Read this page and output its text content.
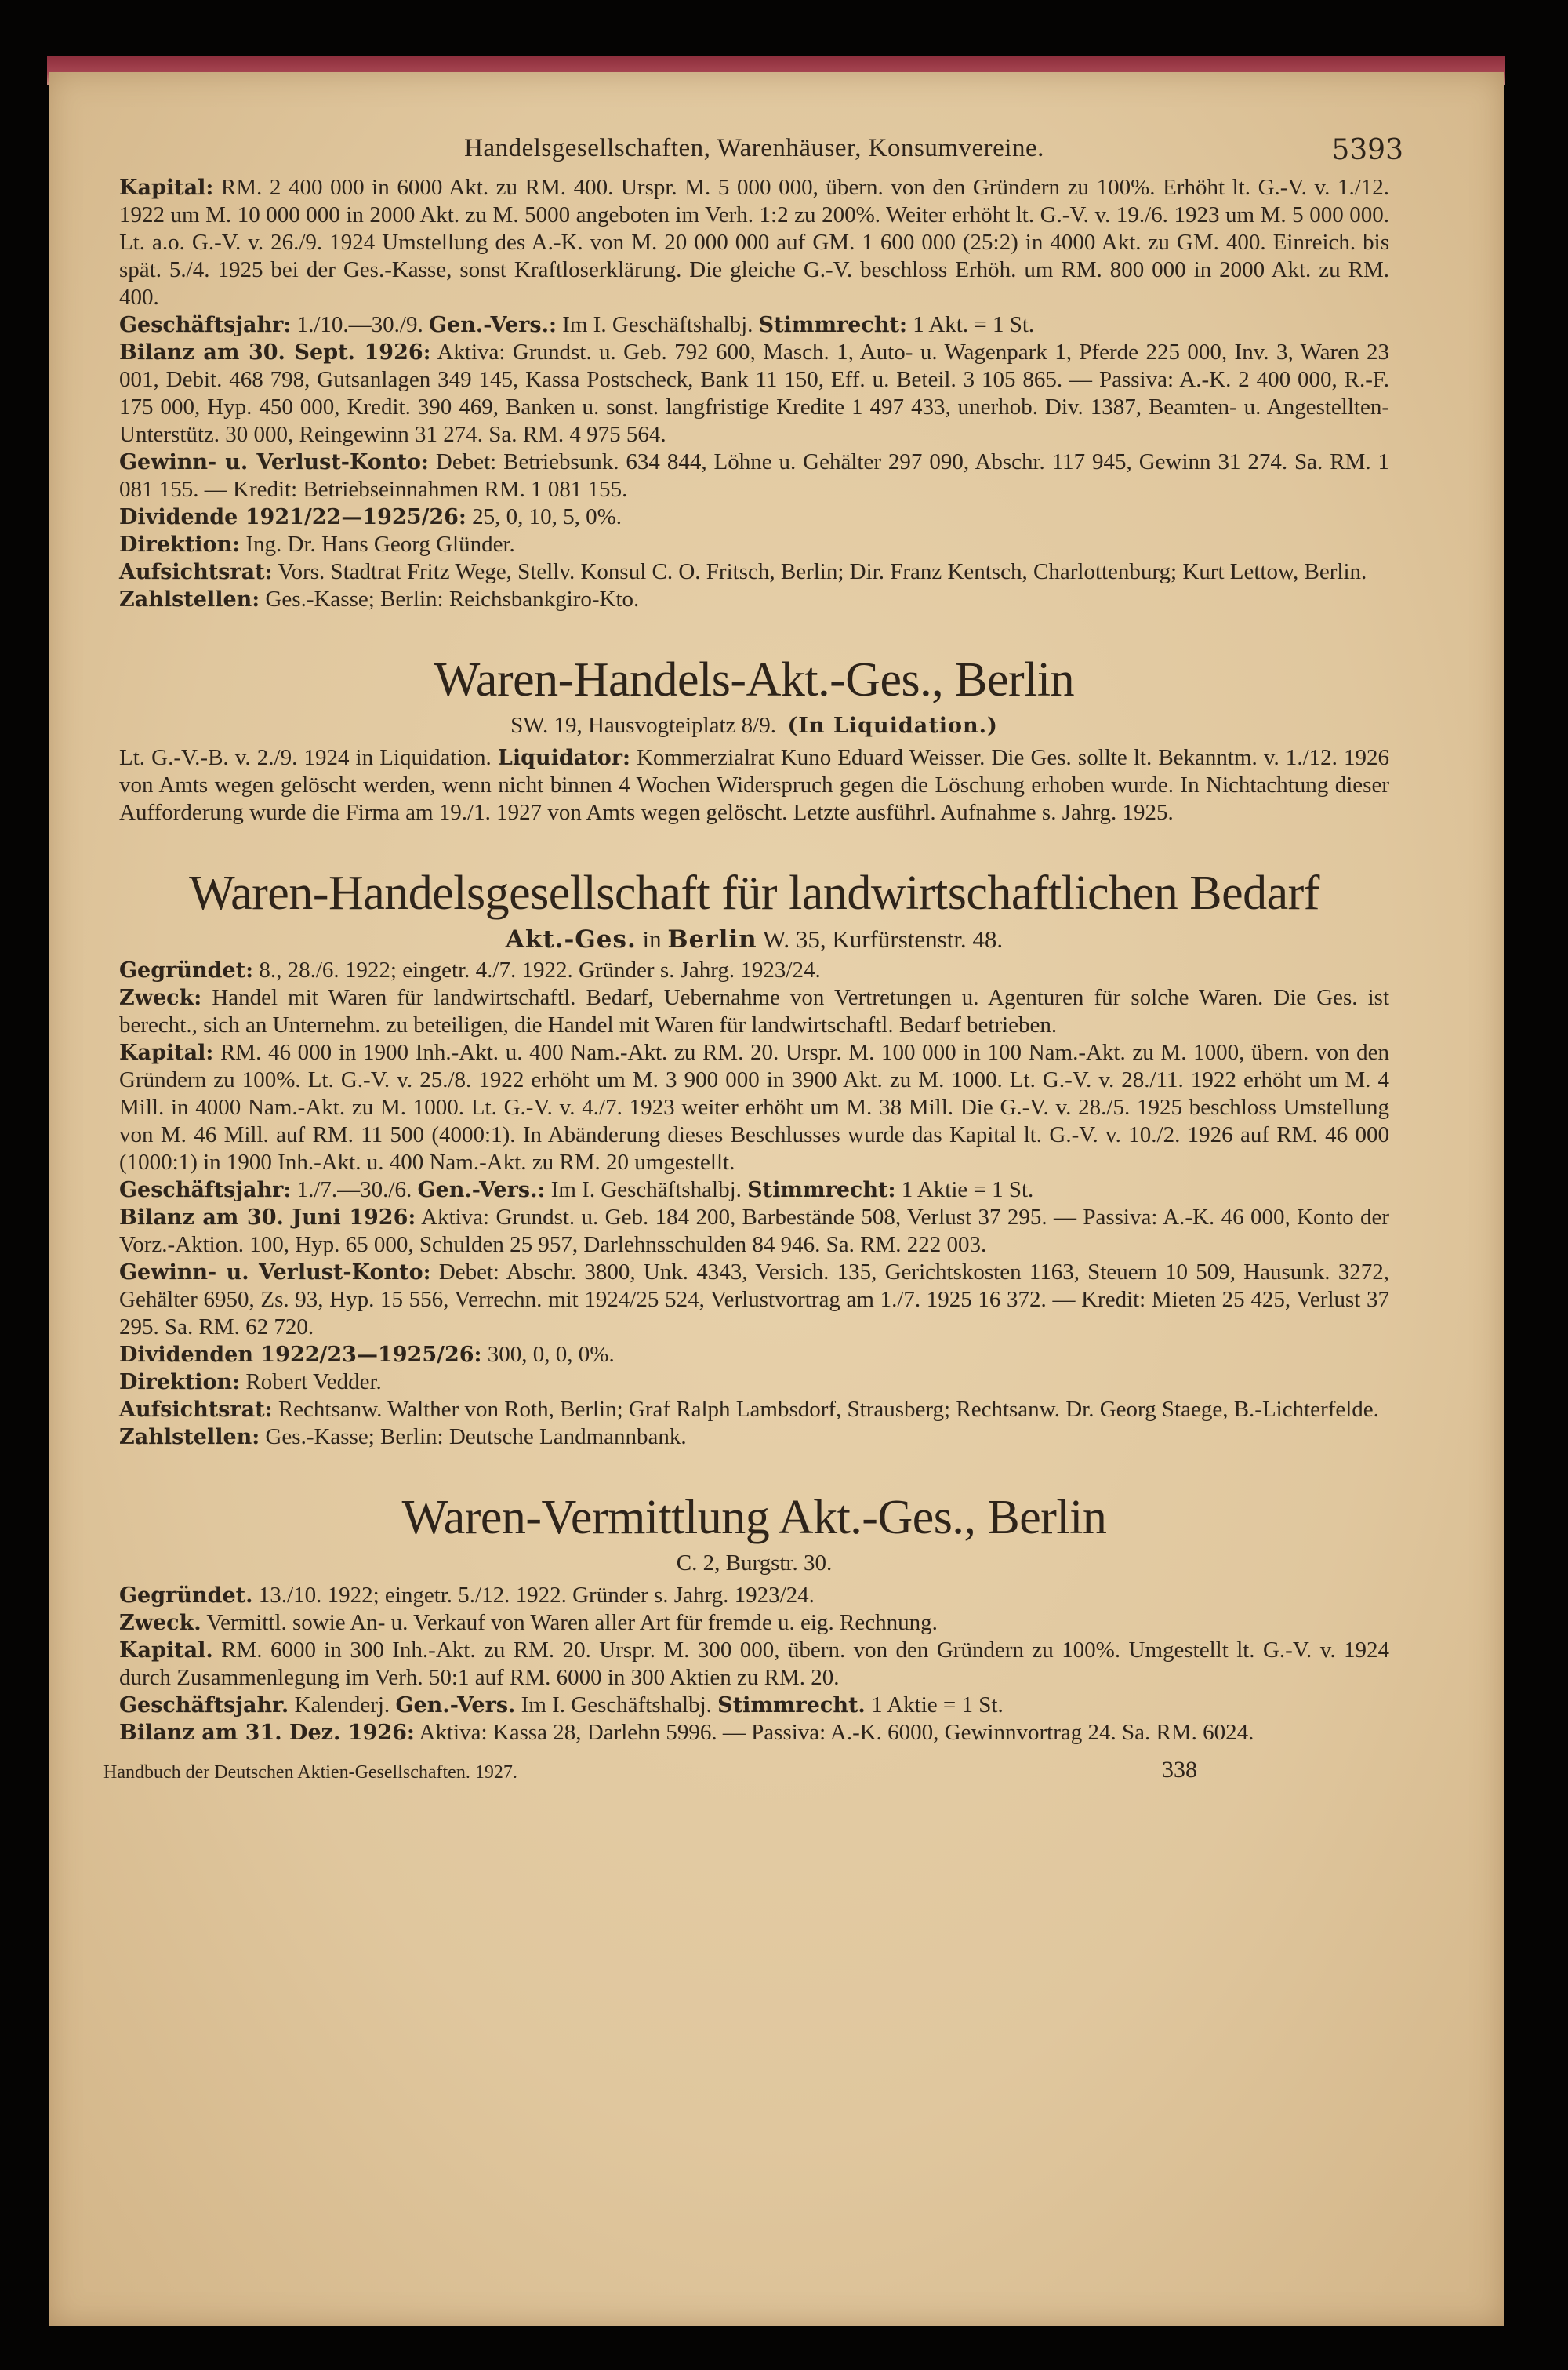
Handelsgesellschaften, Warenhäuser, Konsumvereine.	5393

Kapital: RM. 2 400 000 in 6000 Akt. zu RM. 400. Urspr. M. 5 000 000, übern. von den Gründern zu 100%. Erhöht lt. G.-V. v. 1./12. 1922 um M. 10 000 000 in 2000 Akt. zu M. 5000 angeboten im Verh. 1:2 zu 200%. Weiter erhöht lt. G.-V. v. 19./6. 1923 um M. 5 000 000. Lt. a.o. G.-V. v. 26./9. 1924 Umstellung des A.-K. von M. 20 000 000 auf GM. 1 600 000 (25:2) in 4000 Akt. zu GM. 400. Einreich. bis spät. 5./4. 1925 bei der Ges.-Kasse, sonst Kraftloserklärung. Die gleiche G.-V. beschloss Erhöh. um RM. 800 000 in 2000 Akt. zu RM. 400.

Geschäftsjahr: 1./10.—30./9. Gen.-Vers.: Im I. Geschäftshalbj. Stimmrecht: 1 Akt. = 1 St.

Bilanz am 30. Sept. 1926: Aktiva: Grundst. u. Geb. 792 600, Masch. 1, Auto- u. Wagenpark 1, Pferde 225 000, Inv. 3, Waren 23 001, Debit. 468 798, Gutsanlagen 349 145, Kassa Postscheck, Bank 11 150, Eff. u. Beteil. 3 105 865. — Passiva: A.-K. 2 400 000, R.-F. 175 000, Hyp. 450 000, Kredit. 390 469, Banken u. sonst. langfristige Kredite 1 497 433, unerhob. Div. 1387, Beamten- u. Angestellten-Unterstütz. 30 000, Reingewinn 31 274. Sa. RM. 4 975 564.

Gewinn- u. Verlust-Konto: Debet: Betriebsunk. 634 844, Löhne u. Gehälter 297 090, Abschr. 117 945, Gewinn 31 274. Sa. RM. 1 081 155. — Kredit: Betriebseinnahmen RM. 1 081 155.

Dividende 1921/22—1925/26: 25, 0, 10, 5, 0%.

Direktion: Ing. Dr. Hans Georg Glünder.

Aufsichtsrat: Vors. Stadtrat Fritz Wege, Stellv. Konsul C. O. Fritsch, Berlin; Dir. Franz Kentsch, Charlottenburg; Kurt Lettow, Berlin.

Zahlstellen: Ges.-Kasse; Berlin: Reichsbankgiro-Kto.

Waren-Handels-Akt.-Ges., Berlin

SW. 19, Hausvogteiplatz 8/9. (In Liquidation.)

Lt. G.-V.-B. v. 2./9. 1924 in Liquidation. Liquidator: Kommerzialrat Kuno Eduard Weisser. Die Ges. sollte lt. Bekanntm. v. 1./12. 1926 von Amts wegen gelöscht werden, wenn nicht binnen 4 Wochen Widerspruch gegen die Löschung erhoben wurde. In Nichtachtung dieser Aufforderung wurde die Firma am 19./1. 1927 von Amts wegen gelöscht. Letzte ausführl. Aufnahme s. Jahrg. 1925.

Waren-Handelsgesellschaft für landwirtschaftlichen Bedarf

Akt.-Ges. in Berlin W. 35, Kurfürstenstr. 48.

Gegründet: 8., 28./6. 1922; eingetr. 4./7. 1922. Gründer s. Jahrg. 1923/24.

Zweck: Handel mit Waren für landwirtschaftl. Bedarf, Uebernahme von Vertretungen u. Agenturen für solche Waren. Die Ges. ist berecht., sich an Unternehm. zu beteiligen, die Handel mit Waren für landwirtschaftl. Bedarf betrieben.

Kapital: RM. 46 000 in 1900 Inh.-Akt. u. 400 Nam.-Akt. zu RM. 20. Urspr. M. 100 000 in 100 Nam.-Akt. zu M. 1000, übern. von den Gründern zu 100%. Lt. G.-V. v. 25./8. 1922 erhöht um M. 3 900 000 in 3900 Akt. zu M. 1000. Lt. G.-V. v. 28./11. 1922 erhöht um M. 4 Mill. in 4000 Nam.-Akt. zu M. 1000. Lt. G.-V. v. 4./7. 1923 weiter erhöht um M. 38 Mill. Die G.-V. v. 28./5. 1925 beschloss Umstellung von M. 46 Mill. auf RM. 11 500 (4000:1). In Abänderung dieses Beschlusses wurde das Kapital lt. G.-V. v. 10./2. 1926 auf RM. 46 000 (1000:1) in 1900 Inh.-Akt. u. 400 Nam.-Akt. zu RM. 20 umgestellt.

Geschäftsjahr: 1./7.—30./6. Gen.-Vers.: Im I. Geschäftshalbj. Stimmrecht: 1 Aktie = 1 St.

Bilanz am 30. Juni 1926: Aktiva: Grundst. u. Geb. 184 200, Barbestände 508, Verlust 37 295. — Passiva: A.-K. 46 000, Konto der Vorz.-Aktion. 100, Hyp. 65 000, Schulden 25 957, Darlehnsschulden 84 946. Sa. RM. 222 003.

Gewinn- u. Verlust-Konto: Debet: Abschr. 3800, Unk. 4343, Versich. 135, Gerichtskosten 1163, Steuern 10 509, Hausunk. 3272, Gehälter 6950, Zs. 93, Hyp. 15 556, Verrechn. mit 1924/25 524, Verlustvortrag am 1./7. 1925 16 372. — Kredit: Mieten 25 425, Verlust 37 295. Sa. RM. 62 720.

Dividenden 1922/23—1925/26: 300, 0, 0, 0%.

Direktion: Robert Vedder.

Aufsichtsrat: Rechtsanw. Walther von Roth, Berlin; Graf Ralph Lambsdorf, Strausberg; Rechtsanw. Dr. Georg Staege, B.-Lichterfelde.

Zahlstellen: Ges.-Kasse; Berlin: Deutsche Landmannbank.

Waren-Vermittlung Akt.-Ges., Berlin

C. 2, Burgstr. 30.

Gegründet. 13./10. 1922; eingetr. 5./12. 1922. Gründer s. Jahrg. 1923/24.

Zweck. Vermittl. sowie An- u. Verkauf von Waren aller Art für fremde u. eig. Rechnung.

Kapital. RM. 6000 in 300 Inh.-Akt. zu RM. 20. Urspr. M. 300 000, übern. von den Gründern zu 100%. Umgestellt lt. G.-V. v. 1924 durch Zusammenlegung im Verh. 50:1 auf RM. 6000 in 300 Aktien zu RM. 20.

Geschäftsjahr. Kalenderj. Gen.-Vers. Im I. Geschäftshalbj. Stimmrecht. 1 Aktie = 1 St.

Bilanz am 31. Dez. 1926: Aktiva: Kassa 28, Darlehn 5996. — Passiva: A.-K. 6000, Gewinnvortrag 24. Sa. RM. 6024.

Handbuch der Deutschen Aktien-Gesellschaften. 1927.	338
